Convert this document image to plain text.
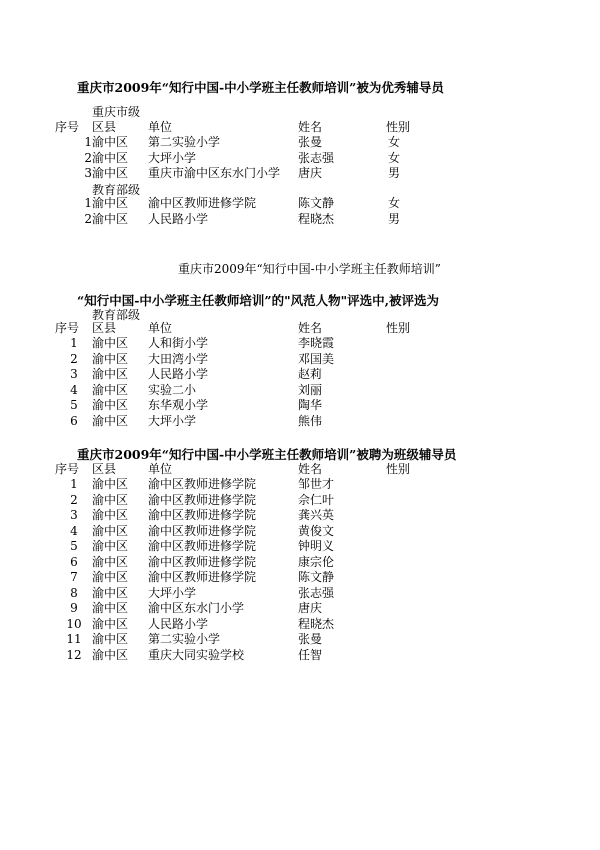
重庆市2009年“知行中国-中小学班主任教师培训”被为优秀辅导员
重庆市级
序号 区县	单位	姓名	性别
1 渝中区 第二实验小学	张曼	女
2 渝中区 大坪小学	张志强	女
3 渝中区 重庆市渝中区东水门小学 唐庆	男
教育部级
1 渝中区 渝中区教师进修学院	陈文静	女
2 渝中区 人民路小学	程晓杰	男
重庆市2009年“知行中国-中小学班主任教师培训”
“知行中国-中小学班主任教师培训”的"风范人物"评选中,被评选为
教育部级
序号 区县	单位	姓名	性别
1	渝中区 人和街小学	李晓霞
2	渝中区 大田湾小学	邓国美
3	渝中区 人民路小学	赵莉
4	渝中区 实验二小	刘丽
5	渝中区 东华观小学	陶华
6	渝中区 大坪小学	熊伟
重庆市2009年“知行中国-中小学班主任教师培训”被聘为班级辅导员
序号 区县	单位	姓名	性别
1	渝中区 渝中区教师进修学院	邹世才
2	渝中区 渝中区教师进修学院	佘仁叶
3	渝中区 渝中区教师进修学院	龚兴英
4	渝中区 渝中区教师进修学院	黄俊文
5	渝中区 渝中区教师进修学院	钟明义
6	渝中区 渝中区教师进修学院	康宗伦
7	渝中区 渝中区教师进修学院	陈文静
8	渝中区 大坪小学	张志强
9	渝中区 渝中区东水门小学	唐庆
10 渝中区 人民路小学	程晓杰
11 渝中区 第二实验小学	张曼
12 渝中区 重庆大同实验学校	任智
